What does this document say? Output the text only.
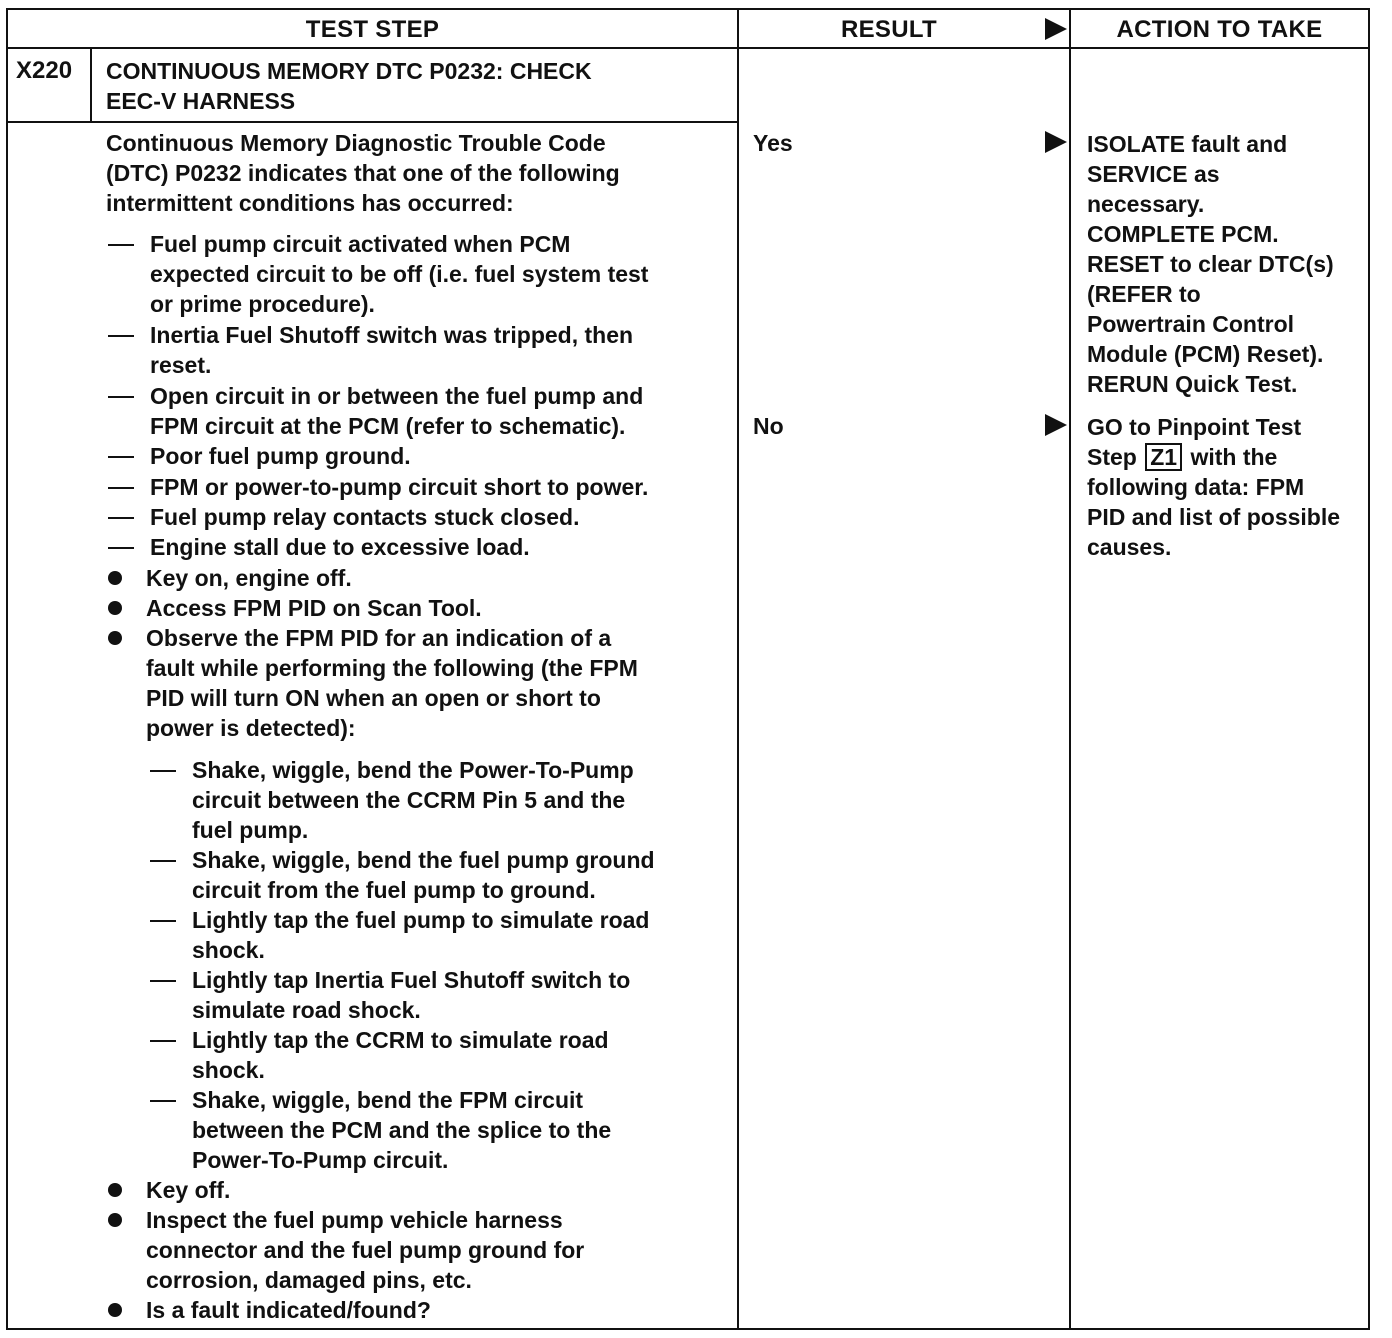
TEST STEP	RESULT	ACTION TO TAKE
X220 CONTINUOUS MEMORY DTC P0232: CHECK
EEC-V HARNESS
Continuous Memory Diagnostic Trouble Code
(DTC) P0232 indicates that one of the following
intermittent conditions has occurred:
Fuel pump circuit activated when PCM
expected circuit to be off (i.e. fuel system test
or prime procedure).
Inertia Fuel Shutoff switch was tripped, then
reset.
Open circuit in or between the fuel pump and
FPM circuit at the PCM (refer to schematic).
Poor fuel pump ground.
FPM or power-to-pump circuit short to power.
Fuel pump relay contacts stuck closed.
Engine stall due to excessive load.
Key on, engine off.
Access FPM PID on Scan Tool.
Observe the FPM PID for an indication of a
fault while performing the following (the FPM
PID will turn ON when an open or short to
power is detected):
Shake, wiggle, bend the Power-To-Pump
circuit between the CCRM Pin 5 and the
fuel pump.
Shake, wiggle, bend the fuel pump ground
circuit from the fuel pump to ground.
Lightly tap the fuel pump to simulate road
shock.
Lightly tap Inertia Fuel Shutoff switch to
simulate road shock.
Lightly tap the CCRM to simulate road
shock.
Shake, wiggle, bend the FPM circuit
between the PCM and the splice to the
Power-To-Pump circuit.
Key off.
Inspect the fuel pump vehicle harness
connector and the fuel pump ground for
corrosion, damaged pins, etc.
Is a fault indicated/found?
Yes
No
ISOLATE fault and
SERVICE as
necessary.
COMPLETE PCM.
RESET to clear DTC(s)
(REFER to
Powertrain Control
Module (PCM) Reset).
RERUN Quick Test.
GO to Pinpoint Test
Step Z1 with the
following data: FPM
PID and list of possible
causes.
